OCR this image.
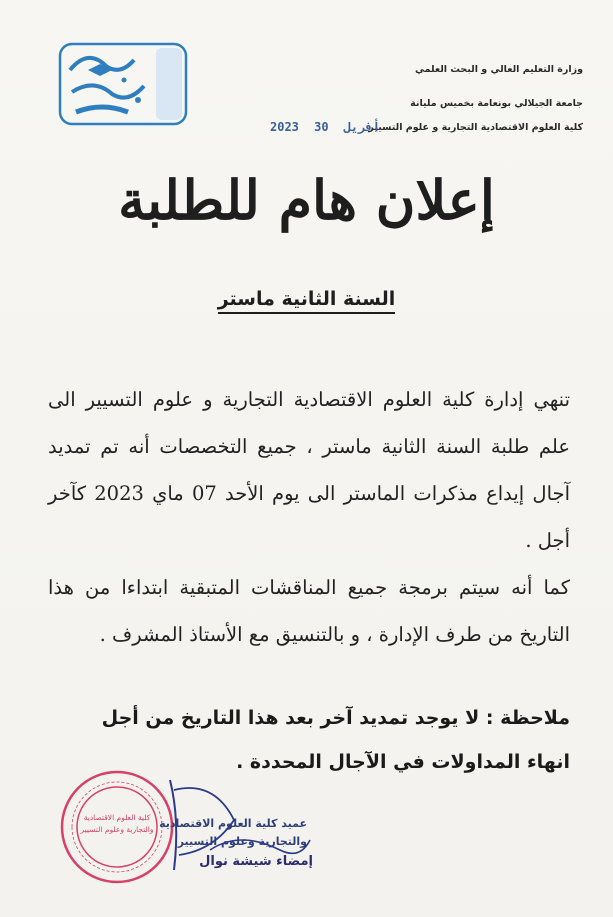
وزارة التعليم العالي و البحث العلمي
جامعة الجيلالي بونعامة بخميس مليانة
كلية العلوم الاقتصادية التجارية و علوم التسيير
2023	أفريل 30
إعلان هام للطلبة
السنة الثانية ماستر

تنهي إدارة كلية العلوم الاقتصادية التجارية و علوم التسيير الى علم طلبة السنة الثانية ماستر ، جميع التخصصات أنه تم تمديد آجال إيداع مذكرات الماستر الى يوم الأحد 07 ماي 2023 كآخر أجل .

كما أنه سيتم برمجة جميع المناقشات المتبقية ابتداءا من هذا التاريخ من طرف الإدارة ، و بالتنسيق مع الأستاذ المشرف .

ملاحظة : لا يوجد تمديد آخر بعد هذا التاريخ من أجل

انهاء المداولات في الآجال المحددة .

كلية العلوم الاقتصادية
والتجارية وعلوم التسيير عميد كلية العلوم الاقتصادية
والتجارية وعلوم التسيير
إمضاء شيشة نوال
